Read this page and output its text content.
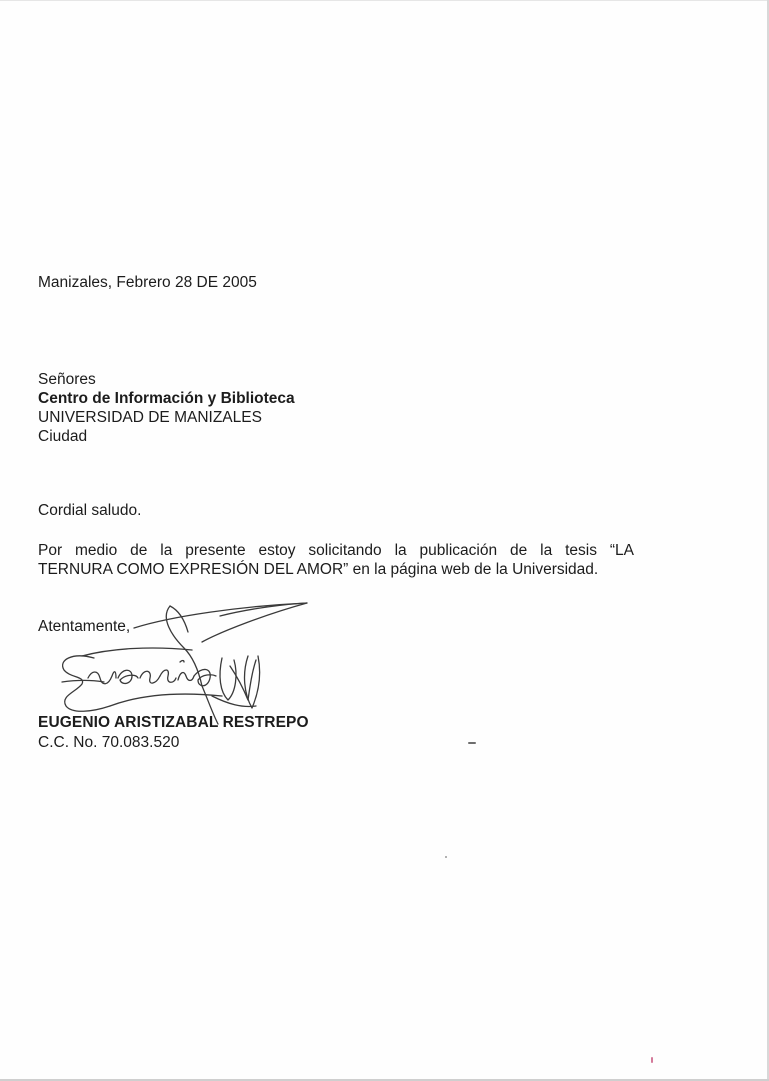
Manizales, Febrero 28 DE 2005
Señores
Centro de Información y Biblioteca
UNIVERSIDAD DE MANIZALES
Ciudad
Cordial saludo.
Por medio de la presente estoy solicitando la publicación de la tesis “LA
TERNURA COMO EXPRESIÓN DEL AMOR” en la página web de la Universidad.
Atentamente,
EUGENIO ARISTIZABAL RESTREPO
C.C. No. 70.083.520
